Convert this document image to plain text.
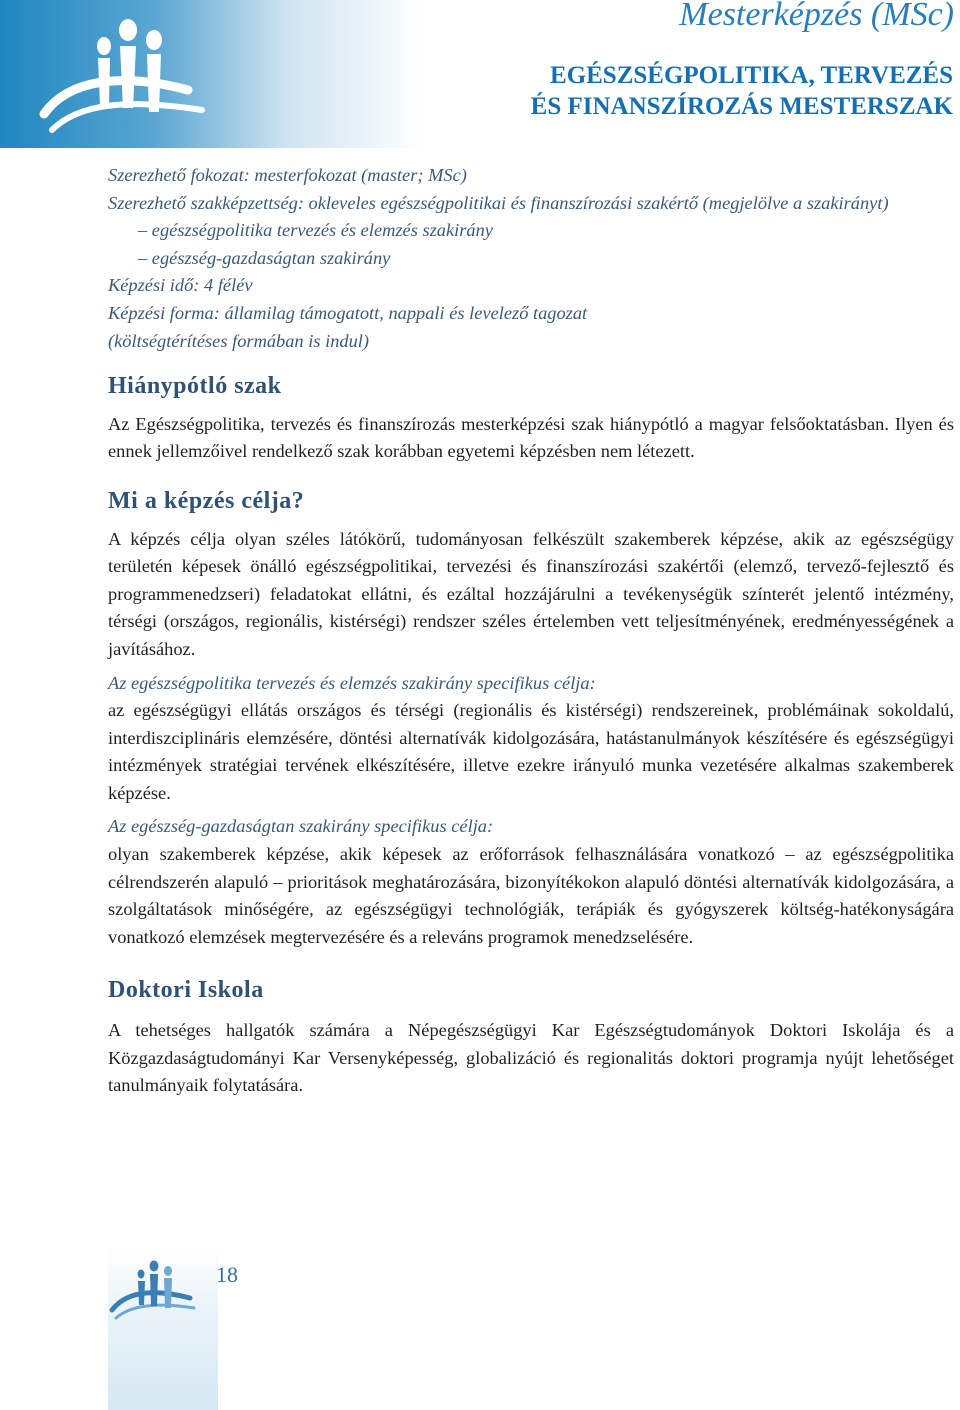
Mesterképzés (MSc)
EGÉSZSÉGPOLITIKA, TERVEZÉS
ÉS FINANSZÍROZÁS MESTERSZAK

Szerezhető fokozat: mesterfokozat (master; MSc)

Szerezhető szakképzettség: okleveles egészségpolitikai és finanszírozási szakértő (megjelölve a szakirányt)

– egészségpolitika tervezés és elemzés szakirány

– egészség-gazdaságtan szakirány

Képzési idő: 4 félév

Képzési forma: államilag támogatott, nappali és levelező tagozat

(költségtérítéses formában is indul)

Hiánypótló szak

Az Egészségpolitika, tervezés és finanszírozás mesterképzési szak hiánypótló a magyar felsőoktatásban. Ilyen és ennek jellemzőivel rendelkező szak korábban egyetemi képzésben nem létezett.

Mi a képzés célja?

A képzés célja olyan széles látókörű, tudományosan felkészült szakemberek képzése, akik az egészségügy területén képesek önálló egészségpolitikai, tervezési és finanszírozási szakértői (elemző, tervező-fejlesztő és programmenedzseri) feladatokat ellátni, és ezáltal hozzájárulni a tevékenységük színterét jelentő intézmény, térségi (országos, regionális, kistérségi) rendszer széles értelemben vett teljesítményének, eredményességének a javításához.

Az egészségpolitika tervezés és elemzés szakirány specifikus célja:

az egészségügyi ellátás országos és térségi (regionális és kistérségi) rendszereinek, problémáinak sokoldalú, interdiszciplináris elemzésére, döntési alternatívák kidolgozására, hatástanulmányok készítésére és egészségügyi intézmények stratégiai tervének elkészítésére, illetve ezekre irányuló munka vezetésére alkalmas szakemberek képzése.

Az egészség-gazdaságtan szakirány specifikus célja:

olyan szakemberek képzése, akik képesek az erőforrások felhasználására vonatkozó – az egészségpolitika célrendszerén alapuló – prioritások meghatározására, bizonyítékokon alapuló döntési alternatívák kidolgozására, a szolgáltatások minőségére, az egészségügyi technológiák, terápiák és gyógyszerek költség-hatékonyságára vonatkozó elemzések megtervezésére és a releváns programok menedzselésére.

Doktori Iskola

A tehetséges hallgatók számára a Népegészségügyi Kar Egészségtudományok Doktori Iskolája és a Közgazdaságtudományi Kar Versenyképesség, globalizáció és regionalitás doktori programja nyújt lehetőséget tanulmányaik folytatására.

18
